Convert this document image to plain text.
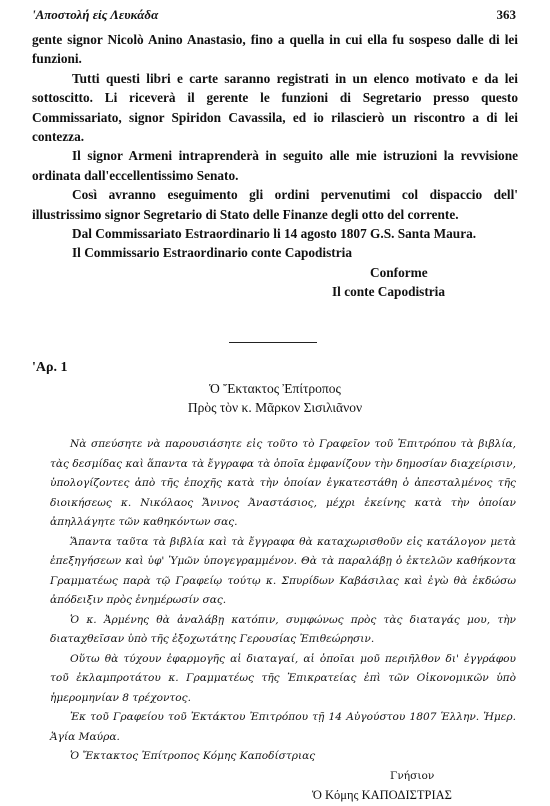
'Αποστολή εἰς Λευκάδα	363

gente signor Nicolò Anino Anastasio, fino a quella in cui ella fu sospeso dalle di lei funzioni.

Tutti questi libri e carte saranno registrati in un elenco motivato e da lei sottoscitto. Li riceverà il gerente le funzioni di Segretario presso questo Commissariato, signor Spiridon Cavassila, ed io rilascierò un riscontro a di lei contezza.

Il signor Armeni intraprenderà in seguito alle mie istruzioni la revvisione ordinata dall'eccellentissimo Senato.

Così avranno eseguimento gli ordini pervenutimi col dispaccio dell' illustrissimo signor Segretario di Stato delle Finanze degli otto del corrente.

Dal Commissariato Estraordinario li 14 agosto 1807 G.S. Santa Maura.

Il Commissario Estraordinario conte Capodistria

Conforme

Il conte Capodistria

'Αρ. 1
Ὁ Ἔκτακτος Ἐπίτροπος
Πρὸς τὸν κ. Μᾶρκον Σισιλιᾶνον

Νὰ σπεύσητε νὰ παρουσιάσητε εἰς τοῦτο τὸ Γραφεῖον τοῦ Ἐπιτρόπου τὰ βιβλία, τὰς δεσμίδας καὶ ἅπαντα τὰ ἔγγραφα τὰ ὁποῖα ἐμφανίζουν τὴν δημοσίαν διαχείρισιν, ὑπολογίζοντες ἀπὸ τῆς ἐποχῆς κατὰ τὴν ὁποίαν ἐγκατεστάθη ὁ ἀπεσταλμένος τῆς διοικήσεως κ. Νικόλαος Ἄνινος Ἀναστάσιος, μέχρι ἐκείνης κατὰ τὴν ὁποίαν ἀπηλλάγητε τῶν καθηκόντων σας.

Ἅπαντα ταῦτα τὰ βιβλία καὶ τὰ ἔγγραφα θὰ καταχωρισθοῦν εἰς κατάλογον μετὰ ἐπεξηγήσεων καὶ ὑφ' Ὑμῶν ὑπογεγραμμένον. Θὰ τὰ παραλάβῃ ὁ ἐκτελῶν καθήκοντα Γραμματέως παρὰ τῷ Γραφείῳ τούτῳ κ. Σπυρίδων Καβάσιλας καὶ ἐγὼ θὰ ἐκδώσω ἀπόδειξιν πρὸς ἐνημέρωσίν σας.

Ὁ κ. Ἀρμένης θὰ ἀναλάβῃ κατόπιν, συμφώνως πρὸς τὰς διαταγάς μου, τὴν διαταχθεῖσαν ὑπὸ τῆς ἐξοχωτάτης Γερουσίας Ἐπιθεώρησιν.

Οὕτω θὰ τύχουν ἐφαρμογῆς αἱ διαταγαί, αἱ ὁποῖαι μοῦ περιῆλθον δι' ἐγγράφου τοῦ ἐκλαμπροτάτου κ. Γραμματέως τῆς Ἐπικρατείας ἐπὶ τῶν Οἰκονομικῶν ὑπὸ ἡμερομηνίαν 8 τρέχοντος.

Ἐκ τοῦ Γραφείου τοῦ Ἐκτάκτου Ἐπιτρόπου τῇ 14 Αὐγούστου 1807 Ἑλλην. Ἡμερ. Ἁγία Μαύρα.

Ὁ Ἔκτακτος Ἐπίτροπος Κόμης Καποδίστριας

Γνήσιον

Ὁ Κόμης ΚΑΠΟΔΙΣΤΡΙΑΣ
